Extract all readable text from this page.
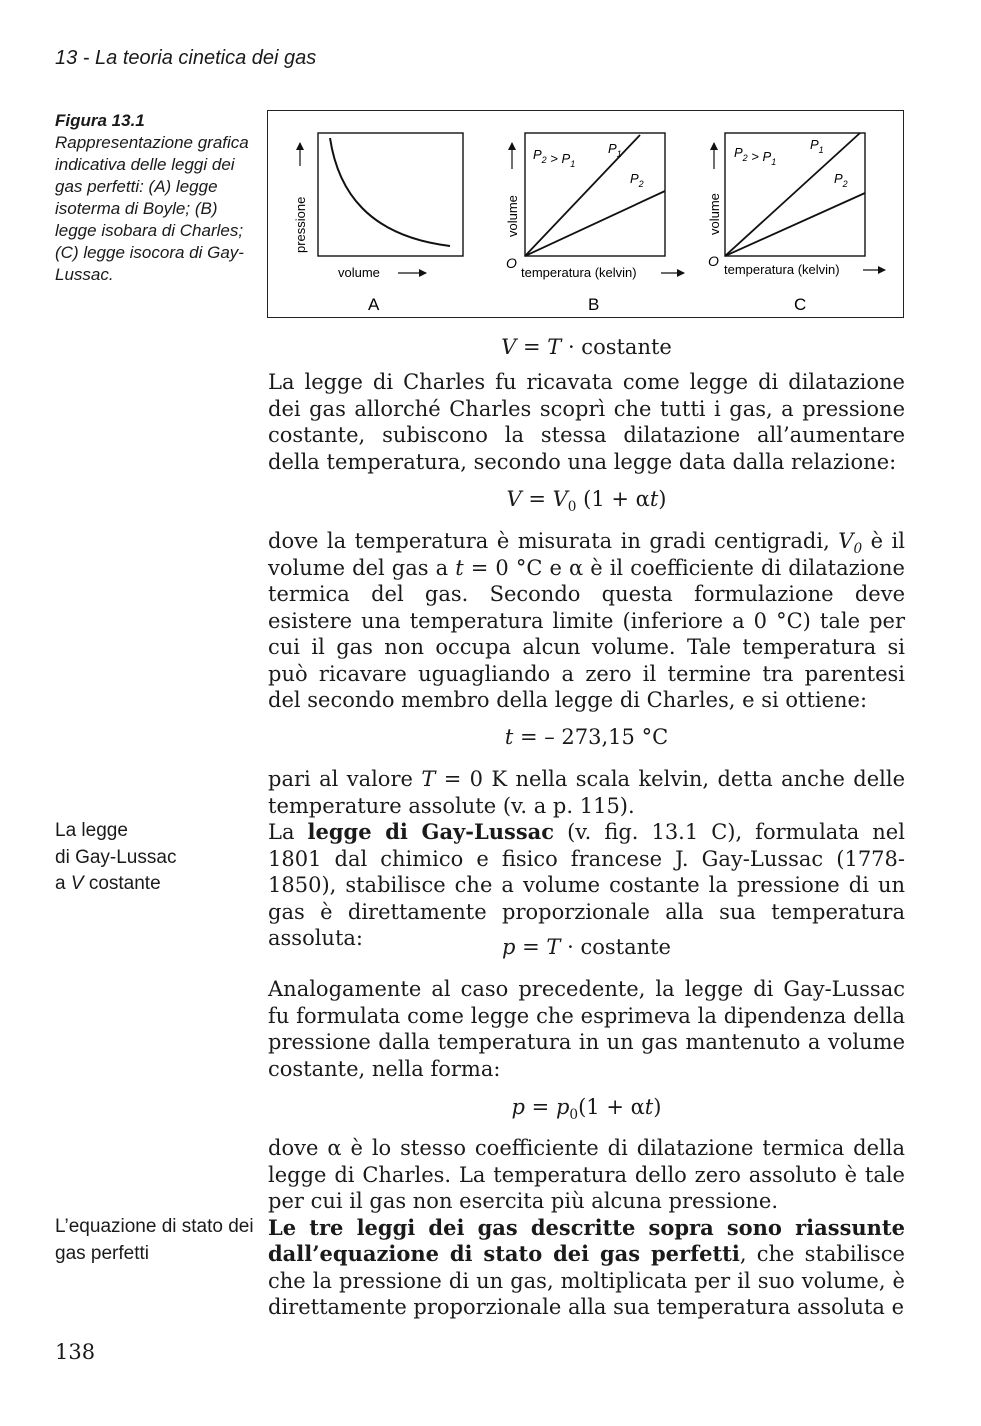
13 - La teoria cinetica dei gas
Figura 13.1
Rappresentazione grafica indicativa delle leggi dei gas perfetti: (A) legge isoterma di Boyle; (B) legge isobara di Charles; (C) legge isocora di Gay-Lussac.
pressione
volume
A
$P_2 > P_1$
$P_1$
$P_2$
volume
O
temperatura (kelvin)
B
$P_2 > P_1$
$P_1$
$P_2$
volume
O
temperatura (kelvin)
C
V = T · costante

La legge di Charles fu ricavata come legge di dilatazione dei gas allorché Charles scoprì che tutti i gas, a pressione costante, subiscono la stessa dilatazione all’aumentare della temperatura, secondo una legge data dalla relazione:

$V = V_0$ (1 + αt)

dove la temperatura è misurata in gradi centigradi, $V_0$ è il volume del gas a t = 0 °C e α è il coefficiente di dilatazione termica del gas. Secondo questa formulazione deve esistere una temperatura limite (inferiore a 0 °C) tale per cui il gas non occupa alcun volume. Tale temperatura si può ricavare uguagliando a zero il termine tra parentesi del secondo membro della legge di Charles, e si ottiene:

t = – 273,15 °C

pari al valore T = 0 K nella scala kelvin, detta anche delle temperature assolute (v. a p. 115).

La legge di Gay-Lussac (v. fig. 13.1 C), formulata nel 1801 dal chimico e fisico francese J. Gay-Lussac (1778-1850), stabilisce che a volume costante la pressione di un gas è direttamente proporzionale alla sua temperatura assoluta:

La legge
di Gay-Lussac
a V costante
p = T · costante

Analogamente al caso precedente, la legge di Gay-Lussac fu formulata come legge che esprimeva la dipendenza della pressione dalla temperatura in un gas mantenuto a volume costante, nella forma:

$p = p_0(1 + \alpha t)$

dove α è lo stesso coefficiente di dilatazione termica della legge di Charles. La temperatura dello zero assoluto è tale per cui il gas non esercita più alcuna pressione.

Le tre leggi dei gas descritte sopra sono riassunte dall’equazione di stato dei gas perfetti, che stabilisce che la pressione di un gas, moltiplicata per il suo volume, è direttamente proporzionale alla sua temperatura assoluta e

L’equazione di stato dei gas perfetti
138
